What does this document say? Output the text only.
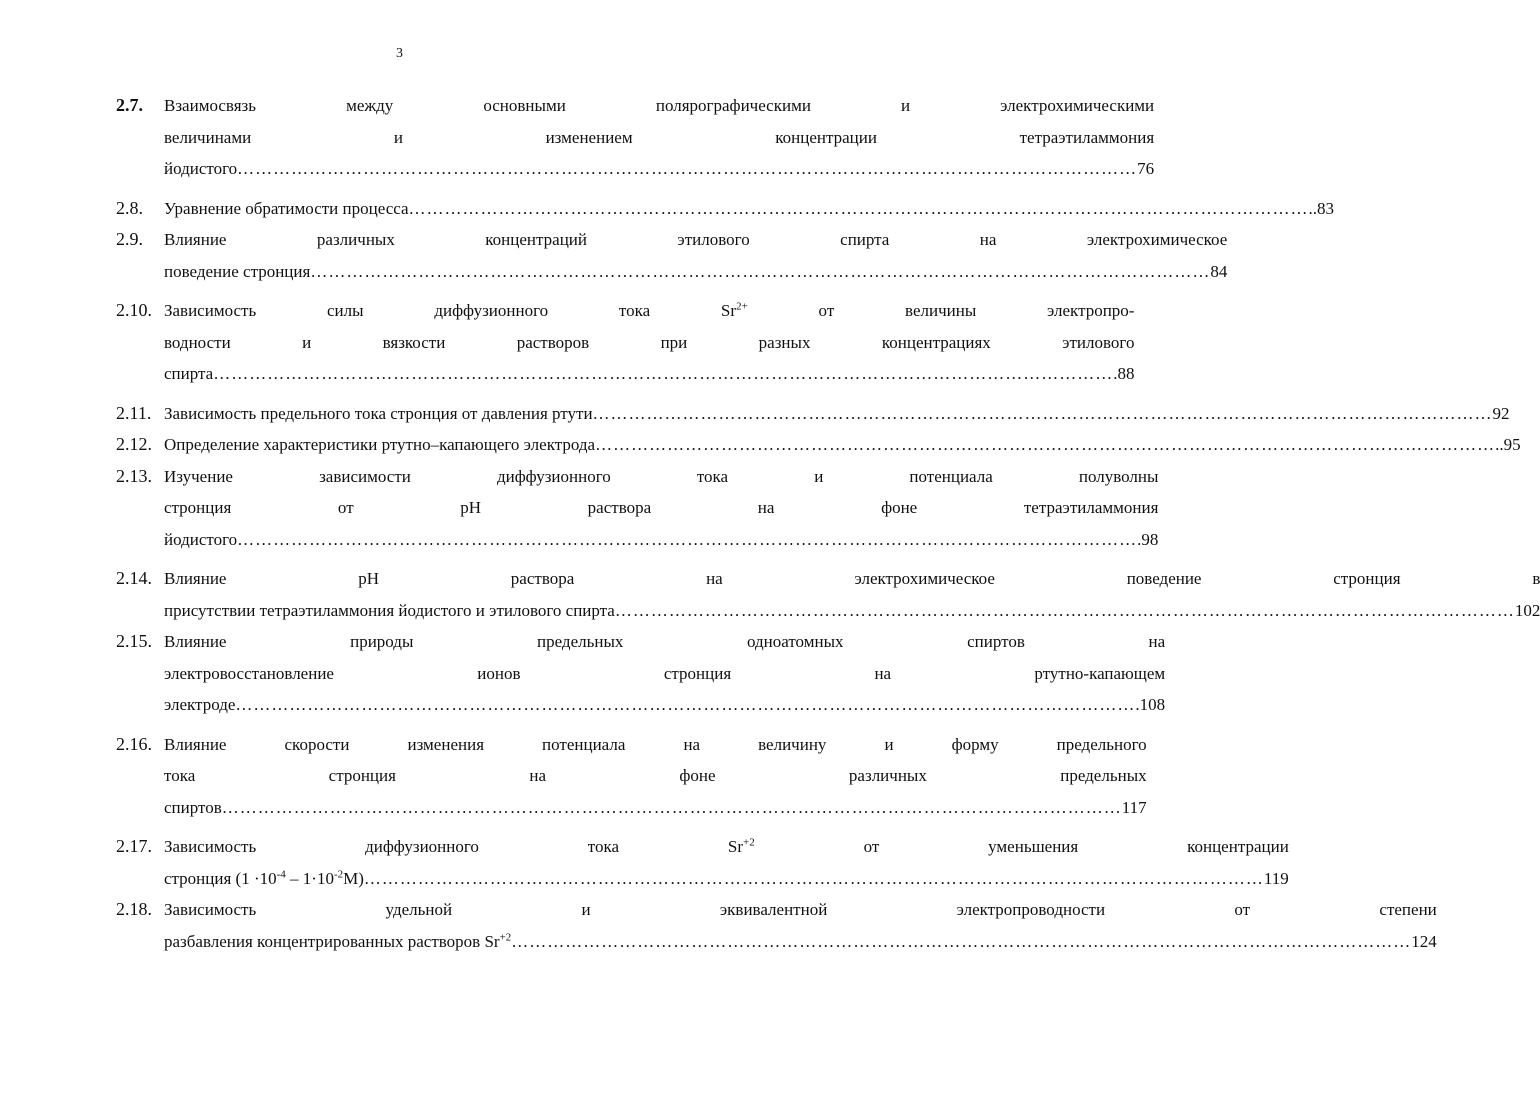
3
2.7.	Взаимосвязь между основными полярографическими и электрохимическими
величинами и изменением концентрации тетраэтиламмония
йодистого ……………………………………………………………………………………………………………………………………	76
2.8.	Уравнение обратимости процесса ……………………………………………………………………………………………………………………………………	..83
2.9.	Влияние различных концентраций этилового спирта на электрохимическое
поведение стронция ……………………………………………………………………………………………………………………………………	84
2.10. Зависимость силы диффузионного тока $Sr^{2+}$ от величины электропро-
водности и вязкости растворов при разных концентрациях этилового
спирта ……………………………………………………………………………………………………………………………………	.88
2.11. Зависимость предельного тока стронция от давления ртути ……………………………………………………………………………………………………………………………………	92
2.12. Определение характеристики ртутно–капающего электрода ……………………………………………………………………………………………………………………………………	..95
2.13. Изучение зависимости диффузионного тока и потенциала полуволны
стронция от pH раствора на фоне тетраэтиламмония
йодистого ……………………………………………………………………………………………………………………………………	.98
2.14. Влияние pH раствора на электрохимическое поведение стронция в
присутствии тетраэтиламмония йодистого и этилового спирта ……………………………………………………………………………………………………………………………………	102
2.15. Влияние природы предельных одноатомных спиртов на
электровосстановление ионов стронция на ртутно-капающем
электроде ……………………………………………………………………………………………………………………………………	.108
2.16. Влияние скорости изменения потенциала на величину и форму предельного
тока стронция на фоне различных предельных
спиртов ……………………………………………………………………………………………………………………………………	117
2.17. Зависимость диффузионного тока $Sr^{+2}$ от уменьшения концентрации
стронция $(1 \cdot 10^{-4} - 1\cdot 10^{-2}M)$ ……………………………………………………………………………………………………………………………………	119
2.18. Зависимость удельной и эквивалентной электропроводности от степени
разбавления концентрированных растворов $Sr^{+2}$ ……………………………………………………………………………………………………………………………………	124
